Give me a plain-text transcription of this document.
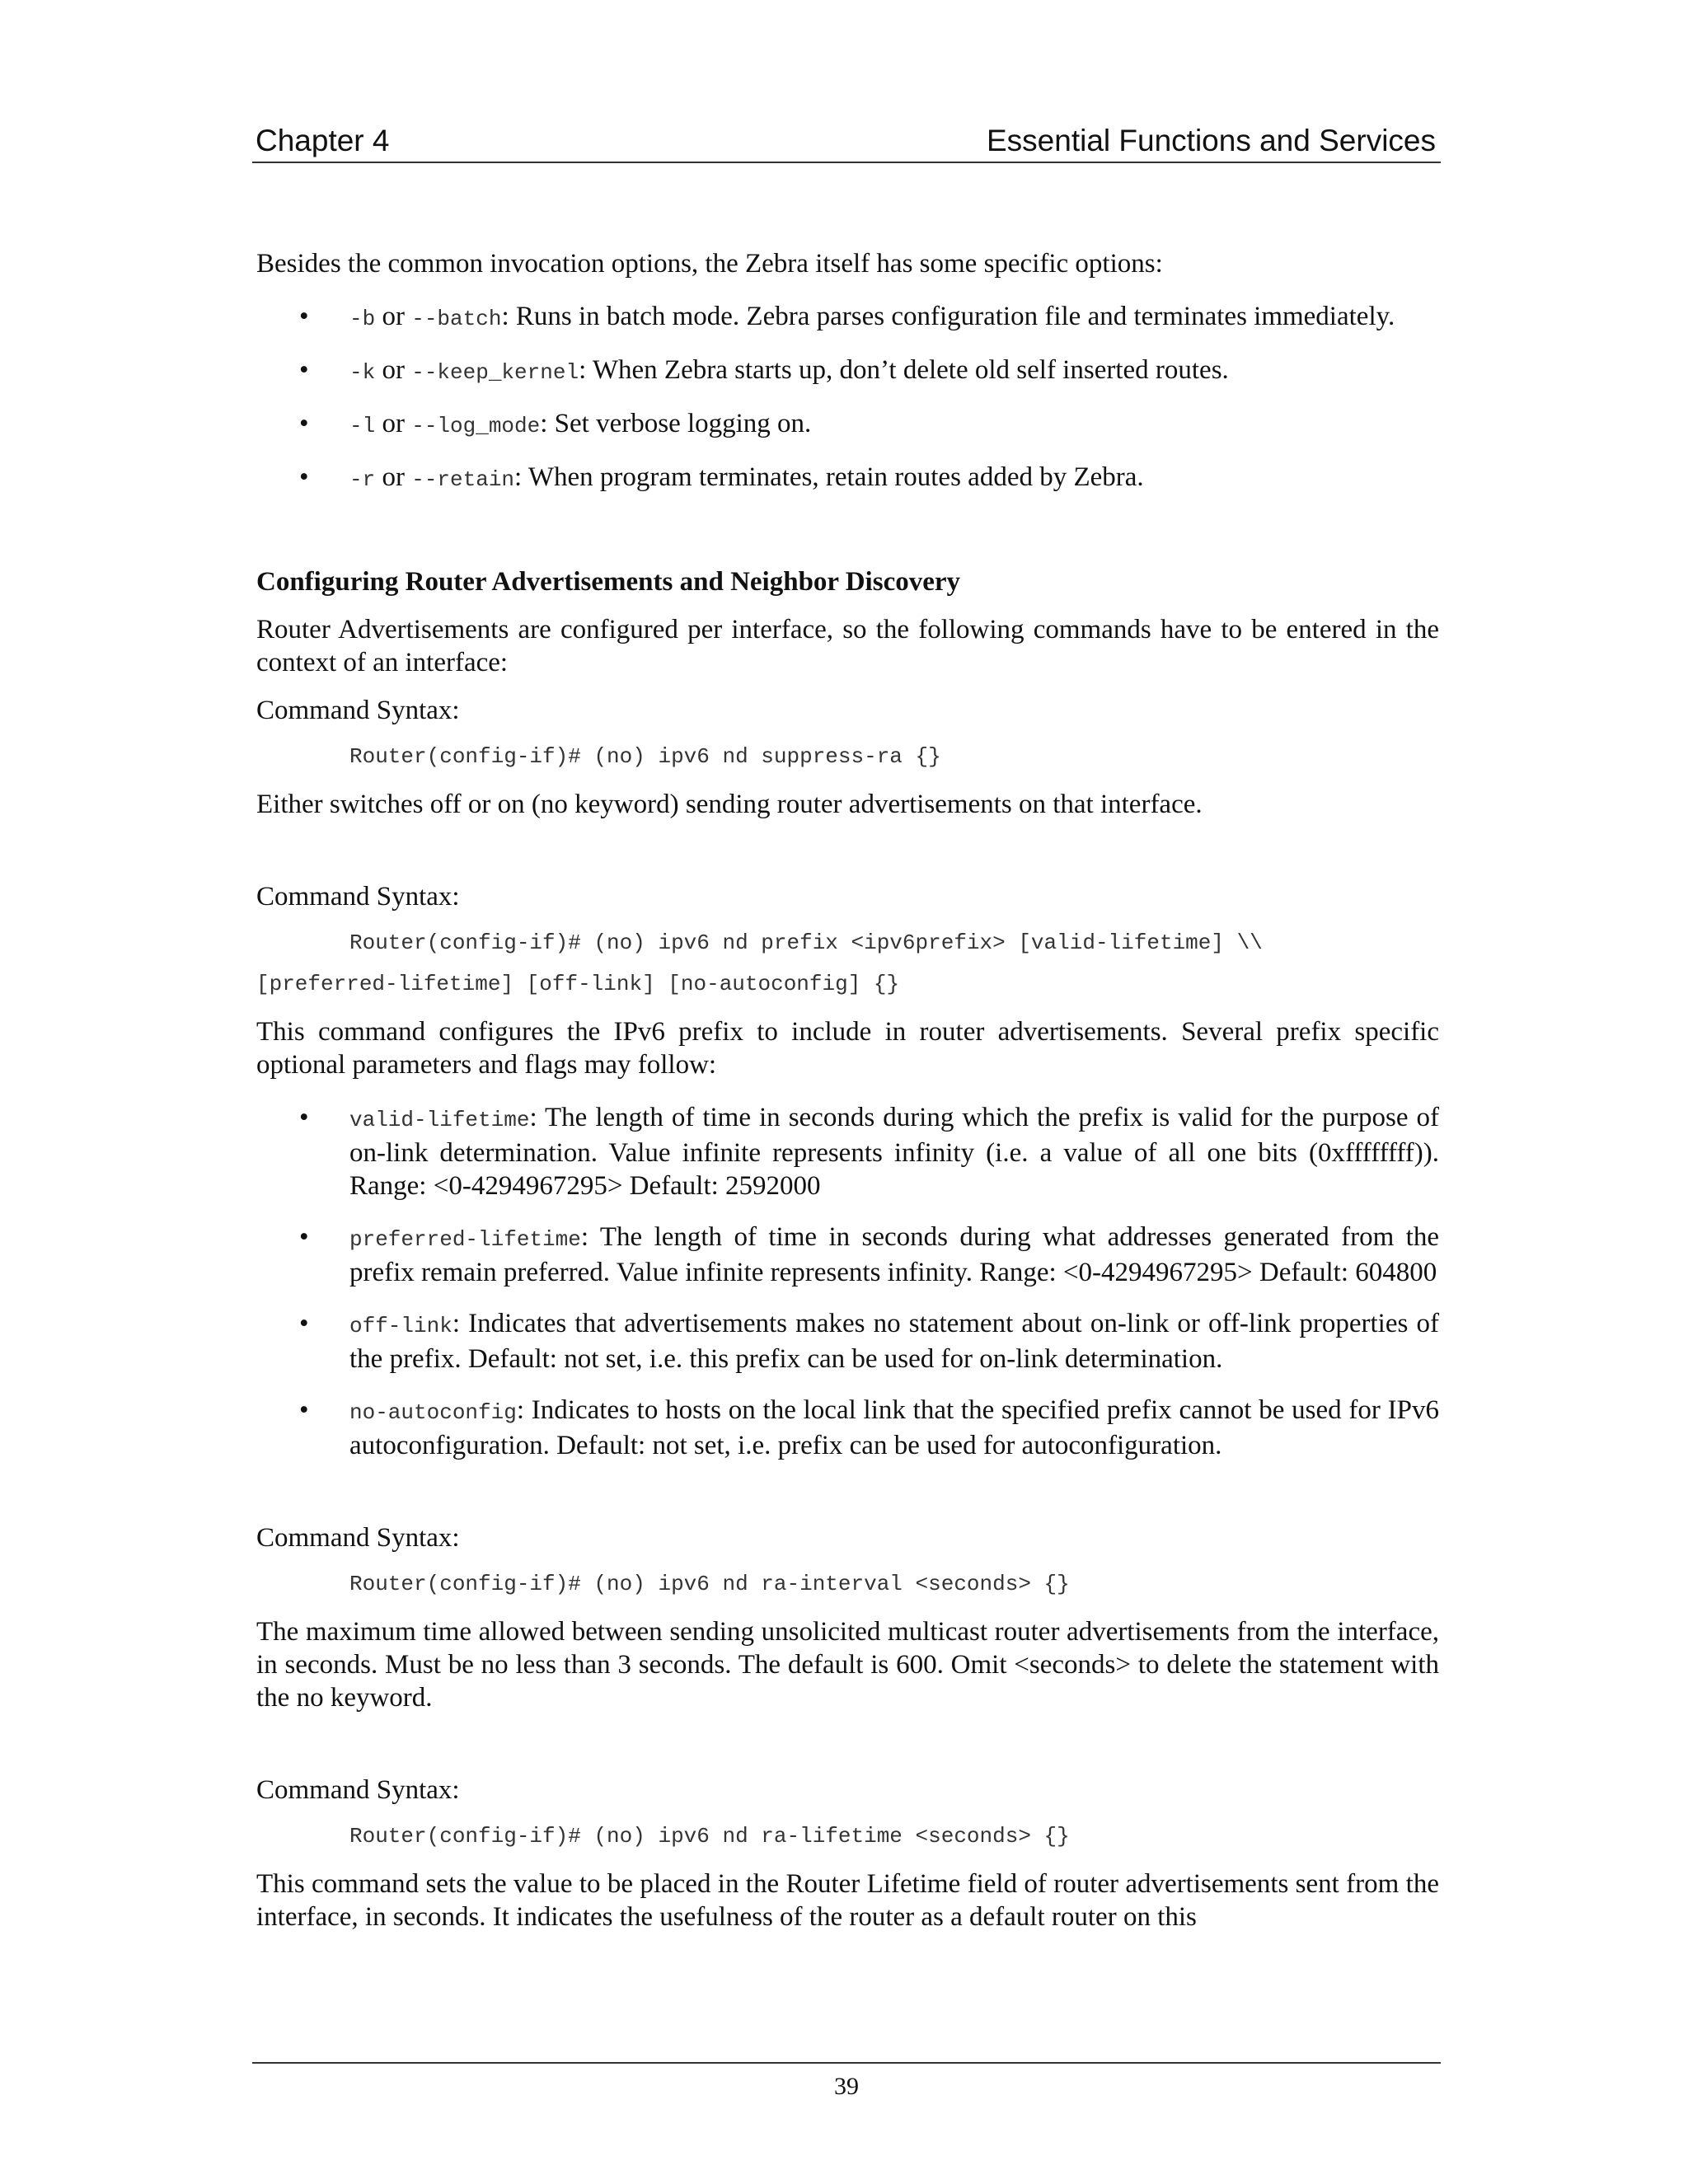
Chapter 4	Essential Functions and Services

Besides the common invocation options, the Zebra itself has some specific options:

• -b or --batch: Runs in batch mode. Zebra parses configuration file and terminates immediately.
• -k or --keep_kernel: When Zebra starts up, don’t delete old self inserted routes.
• -l or --log_mode: Set verbose logging on.
• -r or --retain: When program terminates, retain routes added by Zebra.

Configuring Router Advertisements and Neighbor Discovery

Router Advertisements are configured per interface, so the following commands have to be entered in the context of an interface:

Command Syntax:

Router(config-if)# (no) ipv6 nd suppress-ra {}

Either switches off or on (no keyword) sending router advertisements on that interface.

Command Syntax:

Router(config-if)# (no) ipv6 nd prefix <ipv6prefix> [valid-lifetime] \\
[preferred-lifetime] [off-link] [no-autoconfig] {}

This command configures the IPv6 prefix to include in router advertisements. Several prefix specific optional parameters and flags may follow:

• valid-lifetime: The length of time in seconds during which the prefix is valid for the purpose of on-link determination. Value infinite represents infinity (i.e. a value of all one bits (0xffffffff)). Range: <0-4294967295> Default: 2592000
• preferred-lifetime: The length of time in seconds during what addresses generated from the prefix remain preferred. Value infinite represents infinity. Range: <0-4294967295> Default: 604800
• off-link: Indicates that advertisements makes no statement about on-link or off-link properties of the prefix. Default: not set, i.e. this prefix can be used for on-link determination.
• no-autoconfig: Indicates to hosts on the local link that the specified prefix cannot be used for IPv6 autoconfiguration. Default: not set, i.e. prefix can be used for autoconfiguration.

Command Syntax:

Router(config-if)# (no) ipv6 nd ra-interval <seconds> {}

The maximum time allowed between sending unsolicited multicast router advertisements from the interface, in seconds. Must be no less than 3 seconds. The default is 600. Omit <seconds> to delete the statement with the no keyword.

Command Syntax:

Router(config-if)# (no) ipv6 nd ra-lifetime <seconds> {}

This command sets the value to be placed in the Router Lifetime field of router advertisements sent from the interface, in seconds. It indicates the usefulness of the router as a default router on this

39
